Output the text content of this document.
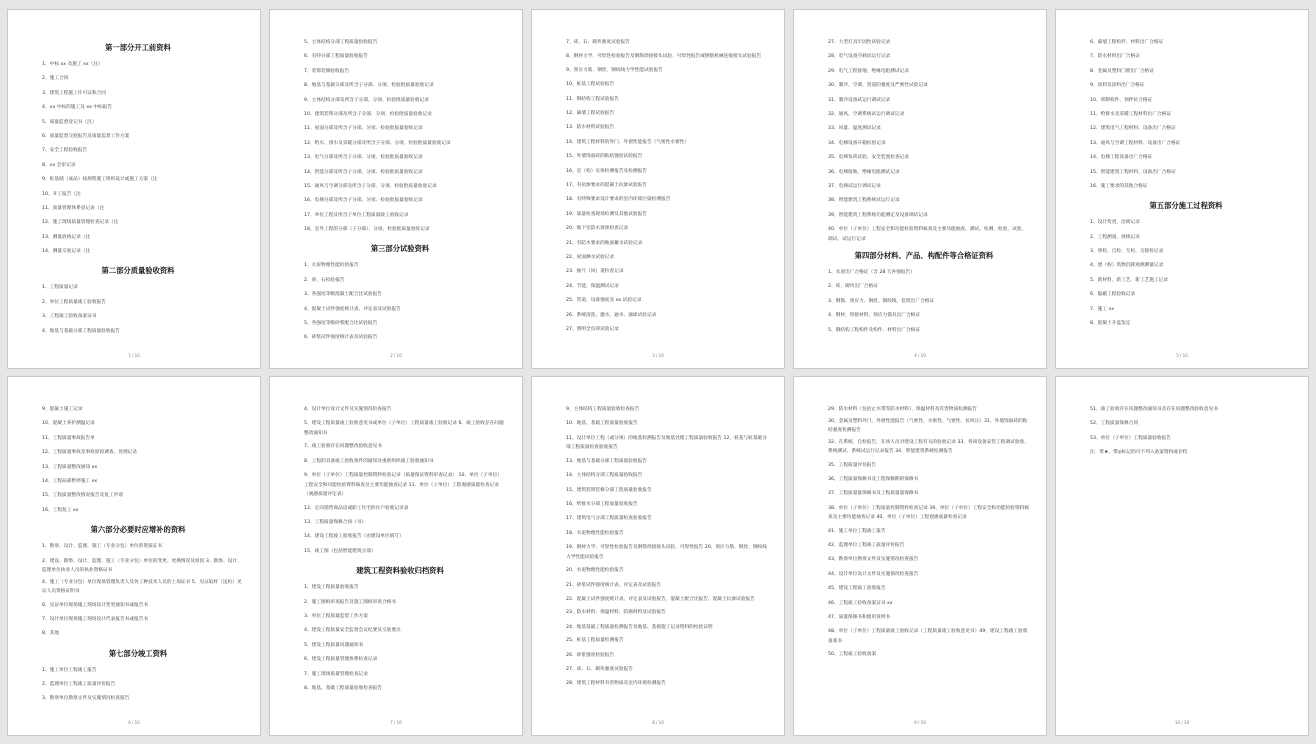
第一部分开工前资料
1、中标 xx 及施工 xx（注）
2、施工合同
3、建筑工程施工许可证和合同
4、xx 中标的施工及 xx 中标报告
5、质量监督登记书（注）
6、质量监督交底报告及质量监督工作方案
7、安全工程验收报告
8、xx 会审记录
9、桩基础（成品）按规程施工组织设计或施工方案（注
10、开工报告（注
11、质量管理体系登记表（注
12、施工现场质量管理检查记录（注
13、测量放线记录（注
14、测量交底记录（注
第二部分质量验收资料
1、工程质量记录
2、单位工程质量竣工验收报告
3、工程竣工验收备案证书
4、地基与基础分部工程质量验收报告
1 / 10
5、主体结构分部工程质量验收报告
6、有特分部工程质量验收报告
7、装饰装修验收报告
8、地基与基础分部及所含子分部、分项、检验批质量验收记录
9、主体结构分部及所含子分部、分项、检验批质量验收记录
10、建筑装饰分部及所含子分部、分项、检验批质量验收记录
11、屋面分部及所含子分部、分项、检验批质量验收记录
12、给水、排水及采暖分部及所含子分部、分项、检验批质量验收记录
13、电气分部及所含子分部、分项、检验批质量验收记录
14、智能分部及所含子分部、分项、检验批质量验收记录
15、通风与空调分部及所含子分部、分项、检验批质量验收记录
16、电梯分部及所含子分部、分项、检验批质量验收记录
17、单位工程及所含子单位工程质量竣工验收记录
18、室外工程的分部（子分部）、分项、检验批质量验收记录
第三部分试验资料
1、水泥物理性能检验报告
2、砂、石检验报告
3、各强度等级混凝土配合比试验报告
4、混凝土试件强度统计表、评定表及试验报告
5、各强度等级砂浆配合比试验报告
6、砂浆试件强度统计表及试验报告
2 / 10
7、砖、石、砌块强度试验报告
8、钢材力学、可焊性检验报告及钢筋焊接接头试验、可焊性报告或钢筋机械连接接头试验报告
9、预应力筋、钢丝、钢绞线力学性能试验报告
10、桩基工程试验报告
11、钢结构工程试验报告
12、幕墙工程试验报告
13、防水材料试验报告
14、建筑工程材料的外门、外窗性能报告（气密性水密性）
15、外墙饰面砖的粘结强度试验报告
16、室（构）实体检测报告及检测报告
17、有抗渗要求的混凝土抗渗试验报告
18、有特殊要求设计要求的室内环境污染检测报告
19、质量检查现场检测及其他试验报告
20、地下室防水效果检查记录
21、有防水要求的地面蓄水试验记录
22、屋面淋水试验记录
23、抽气（风）道检查记录
24、节能、保温测试记录
25、管道、设备强度及 xx 试验记录
26、系统清洗、灌水、通水、通球试验记录
27、照明全负荷试验记录
3 / 10
27、大型灯具牢固性试验记录
28、电气设备空载试运行记录
29、电气工程接地、绝缘电阻测试记录
30、制冷、空调、管道的强度及严密性试验记录
31、制冷设备试运行调试记录
32、通风、空调系统试运行调试记录
33、风量、温度测试记录
34、电梯设备开箱检验记录
35、电梯负荷试验、安全装置检查记录
36、电梯接地、绝缘电阻测试记录
37、电梯试运行调试记录
38、智能建筑工程系统试运行记录
39、智能建筑工程系统功能测定及设备调试记录
40、单位（子单位）工程安全和功能检验资料核查及主要功能抽查、测试、检测、检验、试验、调试、试运行记录
第四部分材料、产品、构配件等合格证资料
1、水泥出厂合格证（含 28 天补强报告）
2、砖、砌块出厂合格证
3、钢筋、预应力、钢丝、钢绞线、套筒出厂合格证
4、钢材、焊接材料、预应力锚具出厂合格证
5、钢结构工程构件及构件、材料出厂合格证
4 / 10
6、幕墙工程构件、材料出厂合格证
7、防水材料出厂合格证
8、金属及塑料门窗出厂合格证
9、涂料及涂料出厂合格证
10、预制构件、预拌砼合格证
11、给排水及采暖工程材料出厂合格证
12、建筑电气工程材料、设备出厂合格证
13、通风与空调工程材料、设备出厂合格证
14、电梯工程设备出厂合格证
15、智能建筑工程材料、设备出厂合格证
16、施工要求的其他合格证
第五部分施工过程资料
1、设计变更、洽商记录
2、工程测量、放线记录
3、预检、自检、互检、交接检记录
4、建（构）筑物沉降观测测量记录
5、新材料、新工艺、新工艺施工记录
6、隐蔽工程验收记录
7、施工 xx
8、混凝土开盘鉴定
5 / 10
9、混凝土施工记录
10、混凝土养护测温记录
11、工程质量事故报告单
12、工程质量事故及事故原因调查、处理记录
13、工程质量整改通知 xx
14、工程局部暂停施工 xx
15、工程质量整改情况报告及复工申请
16、工程复工 xx
第六部分必要时应增补的资料
1、勘察、设计、监理、施工（专业分包）单位的资质证书
2、建设、勘察、设计、监理、施工（专业分包）单位的变更、更换情况及原因 3、勘察、设计、监理单位执业人员的执业资格证书
4、施工（专业分包）单位现场管理负责人及各工种技术人员的上岗证书 5、见证取样（送检）见证人员资格证明书
6、见证单位现场施工现场设计变更通知书或报告书
7、设计单位现场施工现场设计代表报告书或报告书
8、其他
第七部分竣工资料
1、施工单位工程竣工报告
2、监理单位工程竣工质量评价报告
3、勘察单位勘察文件及实施情况检查报告
6 / 10
4、设计单位设计文件及实施情况检查报告
5、建设工程质量竣工验收意见书或单位（子单位）工程质量竣工验收记录 6、竣工验收存在问题整改通知书
7、竣工验收存在问题整改验收意见书
8、工程的具备竣工验收条件的通知及重新组织竣工验收通知书
9、单位（子单位）工程质量控制资料检查记录（质量保证资料审查记录） 10、单位（子单位）工程安全和功能检验资料核查及主要功能抽查记录 11、单位（子单位）工程观感质量检查记录（观感质量评定表）
12、定向销售商品房或职工住宅的住户验收记录表
13、工程质量保修合同（书）
14、建设工程竣工验收报告（由建设单位填写）
15、竣工图（包括智能建筑分部）
建筑工程资料验收归档资料
1、建设工程质量验收报告
2、施工图纸审查报告及施工图纸审查合格书
3、单位工程质量监督工作方案
4、建设工程质量安全监督会议纪要及交底要点
5、建设工程质量问题通知书
6、建设工程质量管理体系检查记录
7、施工现场质量管理检查记录
8、地基、基础工程质量验收检查报告
7 / 10
9、主体结构工程质量验收检查报告
10、地基、基础工程质量验收报告
11、设计单位工程（或分项）的地基检测报告及地基处理工程质量验收报告 12、桩基与桩基础分部工程质量检查验收报告
13、地基与基础分部工程质量验收报告
14、主体结构分部工程质量验收报告
15、建筑装饰装修分部工程质量验收报告
16、给排水分部工程质量验收报告
17、建筑电气分部工程质量检查验收报告
18、水泥物理性能检验报告
19、钢材力学、可焊性检验报告及钢筋焊接接头试验、可焊性报告 20、预应力筋、钢丝、钢绞线力学性能试验报告
20、水泥物理性能检验报告
21、砂浆试件强度统计表、评定表及试验报告
22、混凝土试件强度统计表、评定表及试验报告，混凝土配合比报告、混凝土抗渗试验报告
23、防水材料、保温材料、防腐材料及试验报告
24、地基基础工程质量检测报告及地基、基础施工记录资料的检验证明
25、桩基工程质量检测报告
26、砂浆强度检验报告
27、砖、石、砌块强度试验报告
28、建筑工程材料有害物质及室内环境检测报告
8 / 10
29、防水材料（包括止水带等防水材料）、保温材料及有害物质检测报告
30、金属及塑料外门、外窗性能报告（气密性、水密性、气密性、抗风压）31、外墙饰面砖的粘结强度检测报告
32、在系统、自检报告，在场人员对建设工程有关的验收记录 33、各项设备安装工程调试验收、系统测试、系统试运行记录报告 34、智能建筑系统检测报告
35、工程质量评估报告
36、工程质量保修书及工程保修期的保修书
37、工程质量量保修书及工程质量量保修书
38、单位（子单位）工程质量控制资料检查记录 39、单位（子单位）工程安全和功能检验资料核查及主要功能抽查记录 40、单位（子单位）工程观感质量检查记录
41、施工单位工程竣工报告
42、监理单位工程竣工质量评价报告
43、勘察单位勘察文件及实施情况检查报告
44、设计单位设计文件及实施情况检查报告
45、建设工程竣工验收报告
46、工程竣工验收备案证书 xx
47、质量保修书和使用说明书
48、单位（子单位）工程质量竣工验收记录（工程质量竣工验收意见书）49、建设工程竣工验收备案书
50、工程竣工验收备案
9 / 10
51、竣工验收存在问题整改通知书及存在问题整改验收意见书
52、工程质量保修合同
53、单位（子单位）工程质量验收报告
注：带★、带◎标记的可不列入备案资料或存档
10 / 10
